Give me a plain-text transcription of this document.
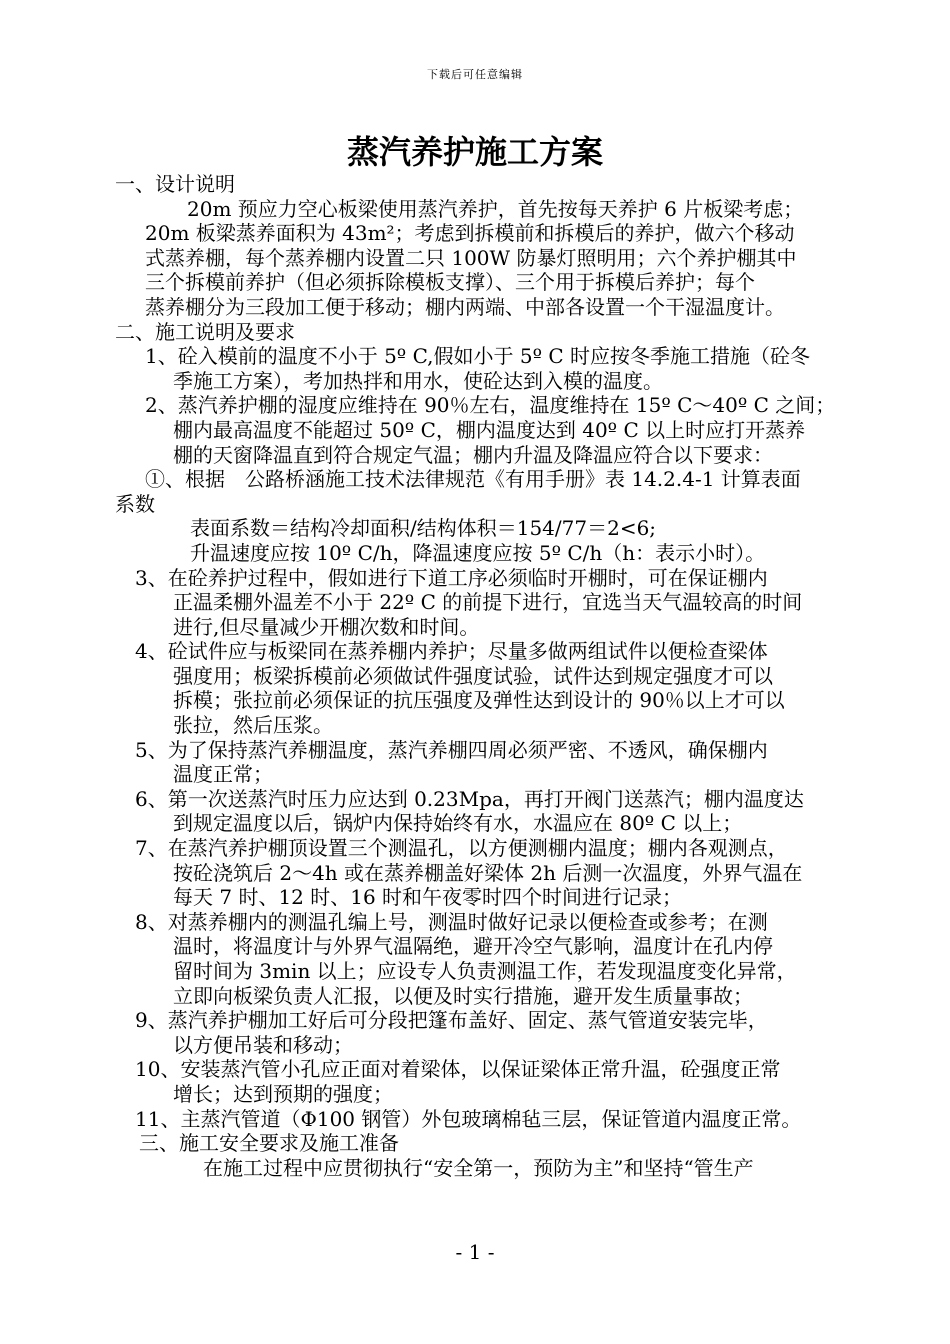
下载后可任意编辑
蒸汽养护施工方案
一、设计说明
20m 预应力空心板梁使用蒸汽养护，首先按每天养护 6 片板梁考虑；
20m 板梁蒸养面积为 43m²；考虑到拆模前和拆模后的养护，做六个移动
式蒸养棚，每个蒸养棚内设置二只 100W 防暴灯照明用；六个养护棚其中
三个拆模前养护（但必须拆除模板支撑）、三个用于拆模后养护；每个
蒸养棚分为三段加工便于移动；棚内两端、中部各设置一个干湿温度计。
二、施工说明及要求
1、砼入模前的温度不小于 5º C,假如小于 5º C 时应按冬季施工措施（砼冬
季施工方案），考加热拌和用水，使砼达到入模的温度。
2、蒸汽养护棚的湿度应维持在 90％左右，温度维持在 15º C～40º C 之间；
棚内最高温度不能超过 50º C，棚内温度达到 40º C 以上时应打开蒸养
棚的天窗降温直到符合规定气温；棚内升温及降温应符合以下要求：
①、根据　公路桥涵施工技术法律规范《有用手册》表 14.2.4-1 计算表面
系数
表面系数＝结构冷却面积/结构体积＝154/77＝2<6;
升温速度应按 10º C/h，降温速度应按 5º C/h（h：表示小时）。
3、在砼养护过程中，假如进行下道工序必须临时开棚时，可在保证棚内
正温柔棚外温差不小于 22º C 的前提下进行，宜选当天气温较高的时间
进行,但尽量减少开棚次数和时间。
4、砼试件应与板梁同在蒸养棚内养护；尽量多做两组试件以便检查梁体
强度用；板梁拆模前必须做试件强度试验，试件达到规定强度才可以
拆模；张拉前必须保证的抗压强度及弹性达到设计的 90％以上才可以
张拉，然后压浆。
5、为了保持蒸汽养棚温度，蒸汽养棚四周必须严密、不透风，确保棚内
温度正常；
6、第一次送蒸汽时压力应达到 0.23Mpa，再打开阀门送蒸汽；棚内温度达
到规定温度以后，锅炉内保持始终有水，水温应在 80º C 以上；
7、在蒸汽养护棚顶设置三个测温孔，以方便测棚内温度；棚内各观测点，
按砼浇筑后 2～4h 或在蒸养棚盖好梁体 2h 后测一次温度，外界气温在
每天 7 时、12 时、16 时和午夜零时四个时间进行记录；
8、对蒸养棚内的测温孔编上号，测温时做好记录以便检查或参考；在测
温时，将温度计与外界气温隔绝，避开冷空气影响，温度计在孔内停
留时间为 3min 以上；应设专人负责测温工作，若发现温度变化异常，
立即向板梁负责人汇报，以便及时实行措施，避开发生质量事故；
9、蒸汽养护棚加工好后可分段把篷布盖好、固定、蒸气管道安装完毕，
以方便吊装和移动；
10、安装蒸汽管小孔应正面对着梁体，以保证梁体正常升温，砼强度正常
增长；达到预期的强度；
11、主蒸汽管道（Φ100 钢管）外包玻璃棉毡三层，保证管道内温度正常。
三、施工安全要求及施工准备
在施工过程中应贯彻执行“安全第一，预防为主”和坚持“管生产
- 1 -
